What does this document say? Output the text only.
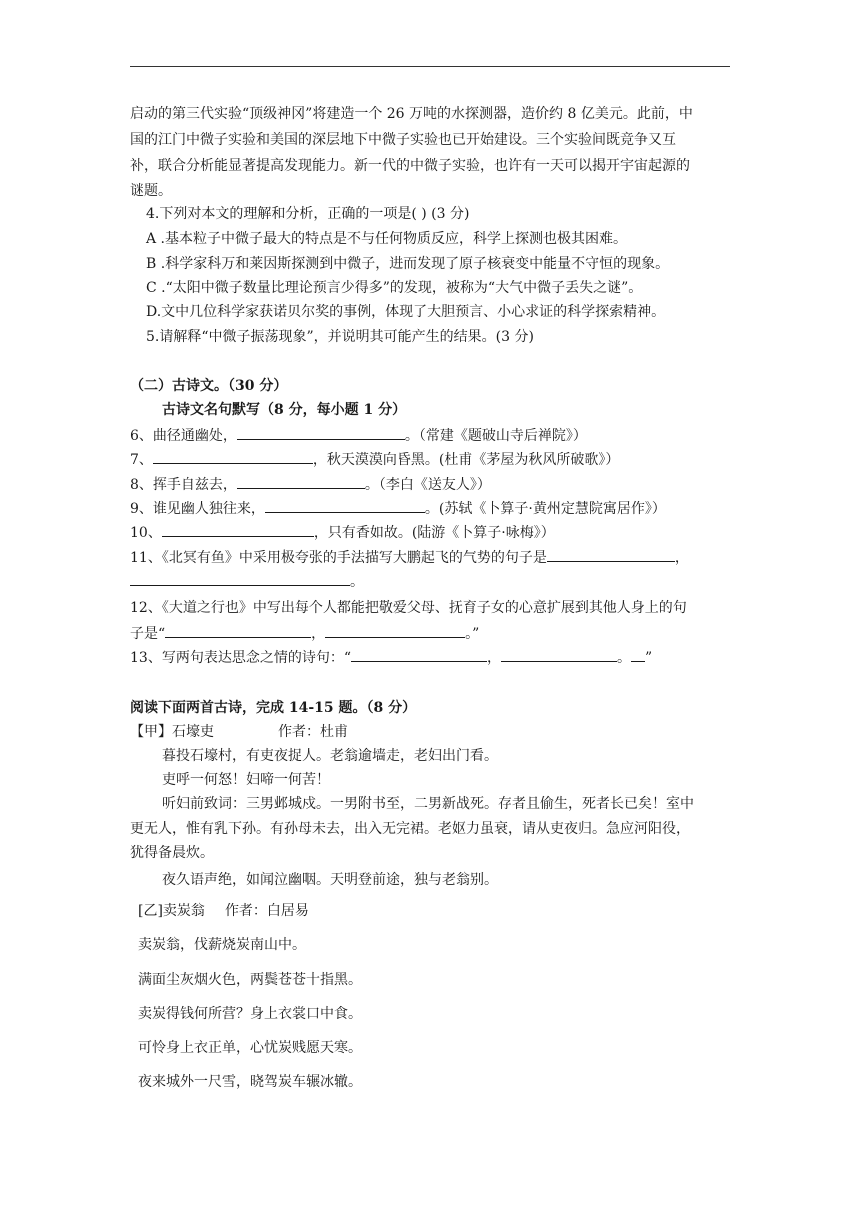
启动的第三代实验“顶级神冈”将建造一个 26 万吨的水探测器，造价约 8 亿美元。此前，中
国的江门中微子实验和美国的深层地下中微子实验也已开始建设。三个实验间既竞争又互
补，联合分析能显著提高发现能力。新一代的中微子实验，也许有一天可以揭开宇宙起源的
谜题。
4.下列对本文的理解和分析，正确的一项是( ) (3 分)
A .基本粒子中微子最大的特点是不与任何物质反应，科学上探测也极其困难。
B .科学家科万和莱因斯探测到中微子，进而发现了原子核衰变中能量不守恒的现象。
C .“太阳中微子数量比理论预言少得多”的发现，被称为“大气中微子丢失之谜”。
D.文中几位科学家获诺贝尔奖的事例，体现了大胆预言、小心求证的科学探索精神。
5.请解释“中微子振荡现象”，并说明其可能产生的结果。(3 分)
（二）古诗文。（30 分）
古诗文名句默写（8 分，每小题 1 分）
6、曲径通幽处，	。（常建《题破山寺后禅院》）
7、	，秋天漠漠向昏黑。(杜甫《茅屋为秋风所破歌》）
8、挥手自兹去，	。（李白《送友人》）
9、谁见幽人独往来，	。(苏轼《卜算子·黄州定慧院寓居作》）
10、	，只有香如故。(陆游《卜算子·咏梅》）
11、《北冥有鱼》中采用极夸张的手法描写大鹏起飞的气势的句子是	，
。
12、《大道之行也》中写出每个人都能把敬爱父母、抚育子女的心意扩展到其他人身上的句
子是“	，	。”
13、写两句表达思念之情的诗句：“	，	。 ”
阅读下面两首古诗，完成 14-15 题。（8 分）
【甲】石壕吏	作者：杜甫
暮投石壕村，有吏夜捉人。老翁逾墙走，老妇出门看。
吏呼一何怒！妇啼一何苦！
听妇前致词：三男邺城戍。一男附书至，二男新战死。存者且偷生，死者长已矣！室中
更无人，惟有乳下孙。有孙母未去，出入无完裙。老妪力虽衰，请从吏夜归。急应河阳役，
犹得备晨炊。
夜久语声绝，如闻泣幽咽。天明登前途，独与老翁别。
[乙]卖炭翁 作者：白居易
卖炭翁，伐薪烧炭南山中。
满面尘灰烟火色，两鬓苍苍十指黑。
卖炭得钱何所营？身上衣裳口中食。
可怜身上衣正单，心忧炭贱愿天寒。
夜来城外一尺雪，晓驾炭车辗冰辙。
